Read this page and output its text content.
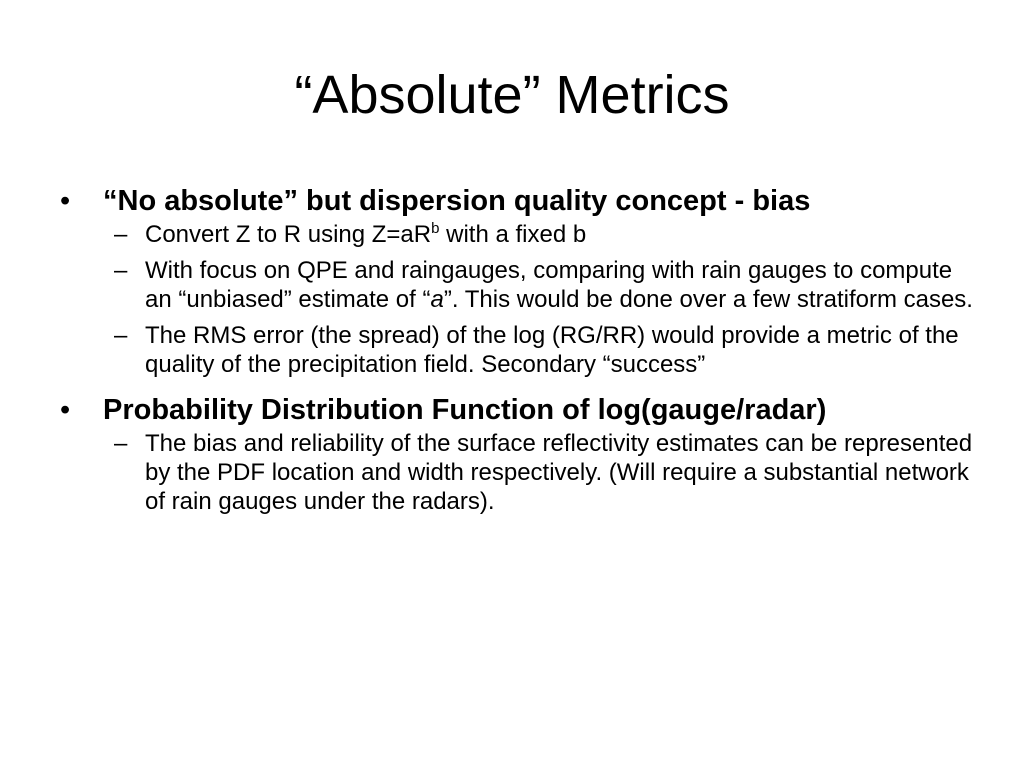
“Absolute” Metrics
• “No absolute” but dispersion quality concept - bias
– Convert Z to R using $Z=aR^b$ with a fixed b
– With focus on QPE and raingauges, comparing with rain gauges to compute an “unbiased” estimate of “a”. This would be done over a few stratiform cases.
– The RMS error (the spread) of the log (RG/RR) would provide a metric of the quality of the precipitation field. Secondary “success”
• Probability Distribution Function of log(gauge/radar)
– The bias and reliability of the surface reflectivity estimates can be represented by the PDF location and width respectively. (Will require a substantial network of rain gauges under the radars).
